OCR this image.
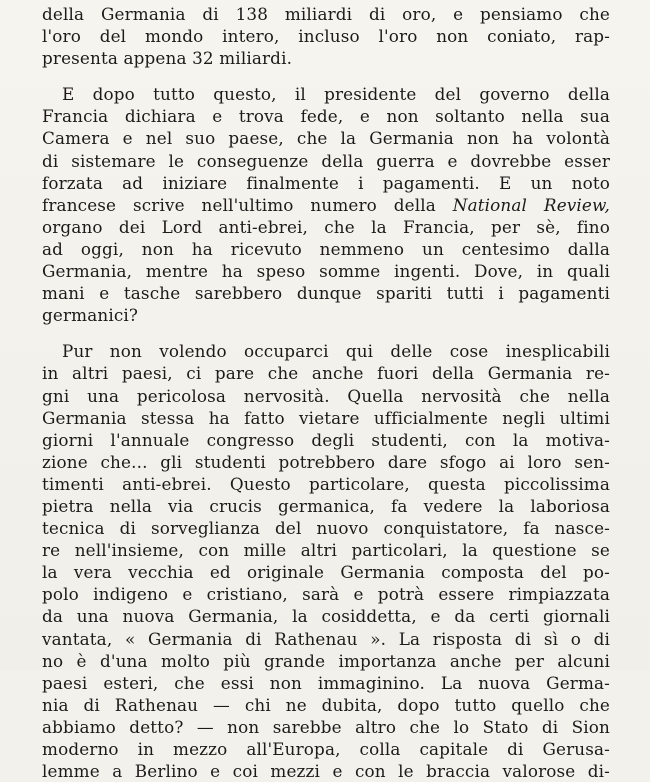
della Germania di 138 miliardi di oro, e pensiamo che
l'oro del mondo intero, incluso l'oro non coniato, rap-
presenta appena 32 miliardi.
E dopo tutto questo, il presidente del governo della
Francia dichiara e trova fede, e non soltanto nella sua
Camera e nel suo paese, che la Germania non ha volontà
di sistemare le conseguenze della guerra e dovrebbe esser
forzata ad iniziare finalmente i pagamenti. E un noto
francese scrive nell'ultimo numero della National Review,
organo dei Lord anti-ebrei, che la Francia, per sè, fino
ad oggi, non ha ricevuto nemmeno un centesimo dalla
Germania, mentre ha speso somme ingenti. Dove, in quali
mani e tasche sarebbero dunque spariti tutti i pagamenti
germanici?
Pur non volendo occuparci qui delle cose inesplicabili
in altri paesi, ci pare che anche fuori della Germania re-
gni una pericolosa nervosità. Quella nervosità che nella
Germania stessa ha fatto vietare ufficialmente negli ultimi
giorni l'annuale congresso degli studenti, con la motiva-
zione che... gli studenti potrebbero dare sfogo ai loro sen-
timenti anti-ebrei. Questo particolare, questa piccolissima
pietra nella via crucis germanica, fa vedere la laboriosa
tecnica di sorveglianza del nuovo conquistatore, fa nasce-
re nell'insieme, con mille altri particolari, la questione se
la vera vecchia ed originale Germania composta del po-
polo indigeno e cristiano, sarà e potrà essere rimpiazzata
da una nuova Germania, la cosiddetta, e da certi giornali
vantata, « Germania di Rathenau ». La risposta di sì o di
no è d'una molto più grande importanza anche per alcuni
paesi esteri, che essi non immaginino. La nuova Germa-
nia di Rathenau — chi ne dubita, dopo tutto quello che
abbiamo detto? — non sarebbe altro che lo Stato di Sion
moderno in mezzo all'Europa, colla capitale di Gerusa-
lemme a Berlino e coi mezzi e con le braccia valorose di-
